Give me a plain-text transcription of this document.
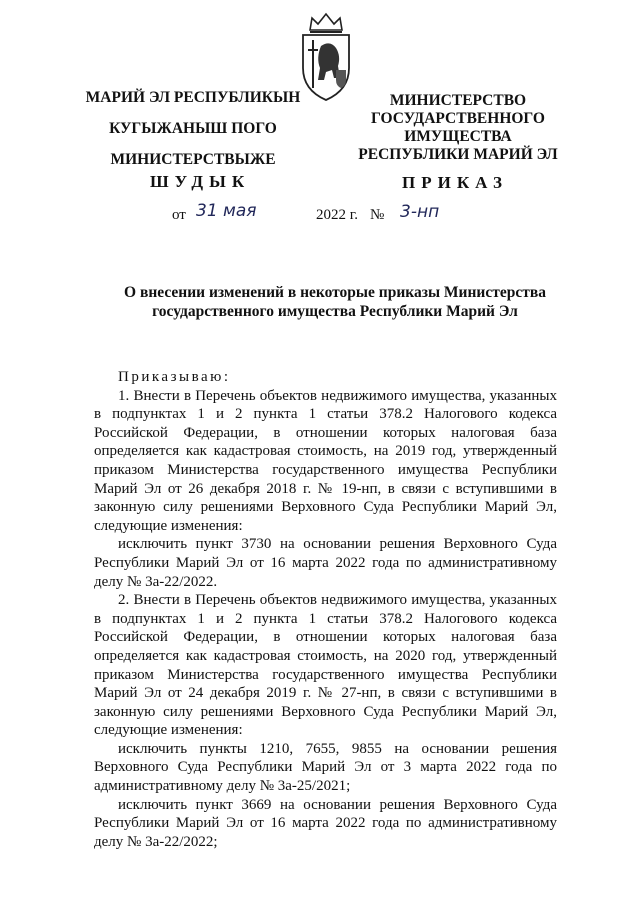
МАРИЙ ЭЛ РЕСПУБЛИКЫН
КУГЫЖАНЫШ ПОГО
МИНИСТЕРСТВЫЖЕ
МИНИСТЕРСТВО
ГОСУДАРСТВЕННОГО
ИМУЩЕСТВА
РЕСПУБЛИКИ МАРИЙ ЭЛ
ШУДЫК	ПРИКАЗ
от 31 мая	2022 г. № 3-нп
О внесении изменений в некоторые приказы Министерства
государственного имущества Республики Марий Эл

Приказываю:

1. Внести в Перечень объектов недвижимого имущества, указанных в подпунктах 1 и 2 пункта 1 статьи 378.2 Налогового кодекса Российской Федерации, в отношении которых налоговая база определяется как кадастровая стоимость, на 2019 год, утвержденный приказом Министерства государственного имущества Республики Марий Эл от 26 декабря 2018 г. № 19-нп, в связи с вступившими в законную силу решениями Верховного Суда Республики Марий Эл, следующие изменения:

исключить пункт 3730 на основании решения Верховного Суда Республики Марий Эл от 16 марта 2022 года по административному делу № 3а-22/2022.

2. Внести в Перечень объектов недвижимого имущества, указанных в подпунктах 1 и 2 пункта 1 статьи 378.2 Налогового кодекса Российской Федерации, в отношении которых налоговая база определяется как кадастровая стоимость, на 2020 год, утвержденный приказом Министерства государственного имущества Республики Марий Эл от 24 декабря 2019 г. № 27-нп, в связи с вступившими в законную силу решениями Верховного Суда Республики Марий Эл, следующие изменения:

исключить пункты 1210, 7655, 9855 на основании решения Верховного Суда Республики Марий Эл от 3 марта 2022 года по административному делу № 3а-25/2021;

исключить пункт 3669 на основании решения Верховного Суда Республики Марий Эл от 16 марта 2022 года по административному делу № 3а-22/2022;
